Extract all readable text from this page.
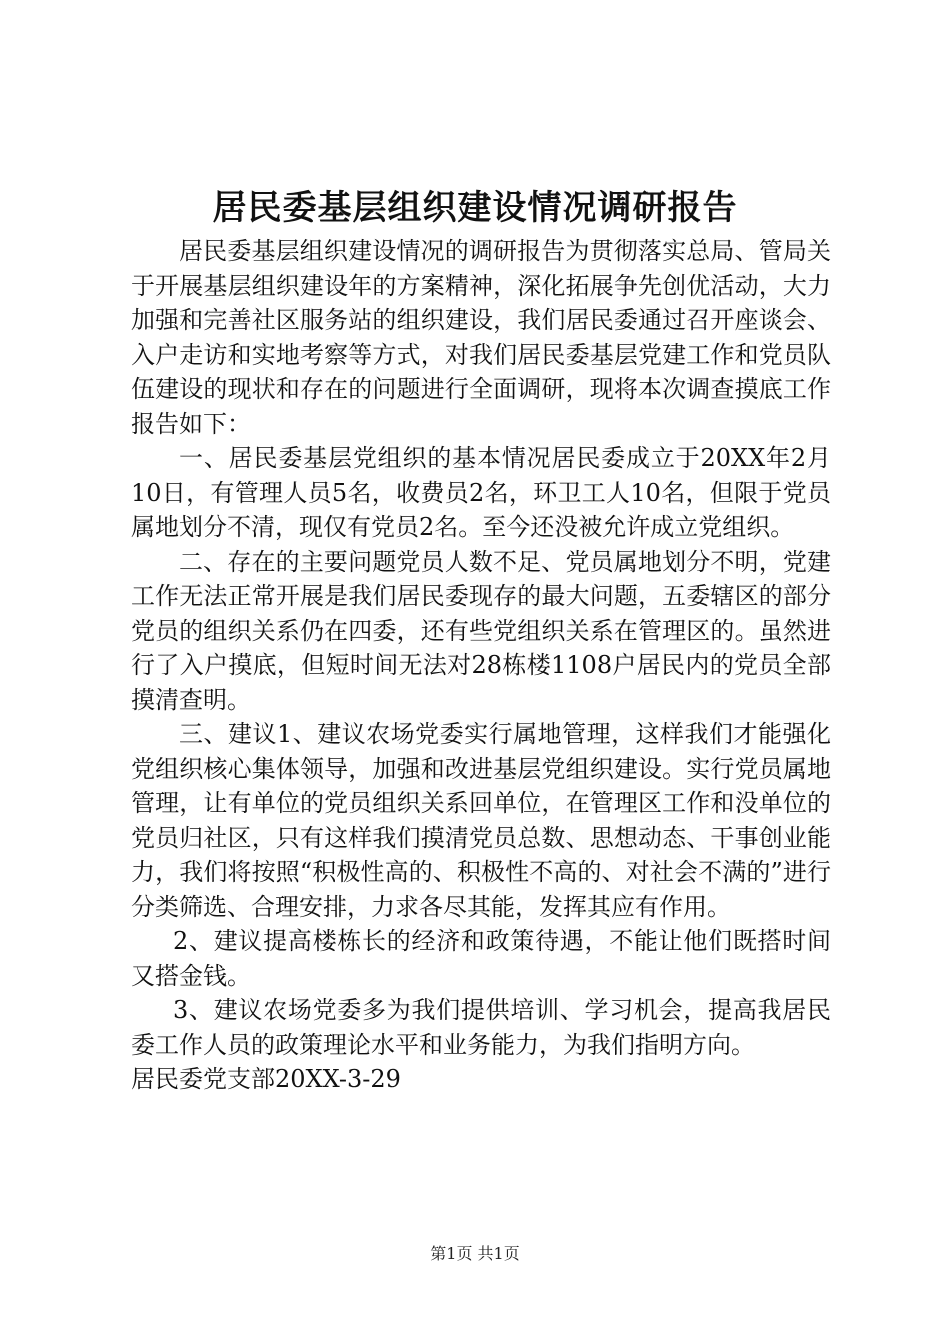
居民委基层组织建设情况调研报告

居民委基层组织建设情况的调研报告为贯彻落实总局、管局关于开展基层组织建设年的方案精神，深化拓展争先创优活动，大力加强和完善社区服务站的组织建设，我们居民委通过召开座谈会、入户走访和实地考察等方式，对我们居民委基层党建工作和党员队伍建设的现状和存在的问题进行全面调研，现将本次调查摸底工作报告如下：

一、居民委基层党组织的基本情况居民委成立于20XX年2月10日，有管理人员5名，收费员2名，环卫工人10名，但限于党员属地划分不清，现仅有党员2名。至今还没被允许成立党组织。

二、存在的主要问题党员人数不足、党员属地划分不明，党建工作无法正常开展是我们居民委现存的最大问题，五委辖区的部分党员的组织关系仍在四委，还有些党组织关系在管理区的。虽然进行了入户摸底，但短时间无法对28栋楼1108户居民内的党员全部摸清查明。

三、建议1、建议农场党委实行属地管理，这样我们才能强化党组织核心集体领导，加强和改进基层党组织建设。实行党员属地管理，让有单位的党员组织关系回单位，在管理区工作和没单位的党员归社区，只有这样我们摸清党员总数、思想动态、干事创业能力，我们将按照“积极性高的、积极性不高的、对社会不满的”进行分类筛选、合理安排，力求各尽其能，发挥其应有作用。

2、建议提高楼栋长的经济和政策待遇，不能让他们既搭时间又搭金钱。

3、建议农场党委多为我们提供培训、学习机会，提高我居民委工作人员的政策理论水平和业务能力，为我们指明方向。

居民委党支部20XX-3-29

第1页 共1页
